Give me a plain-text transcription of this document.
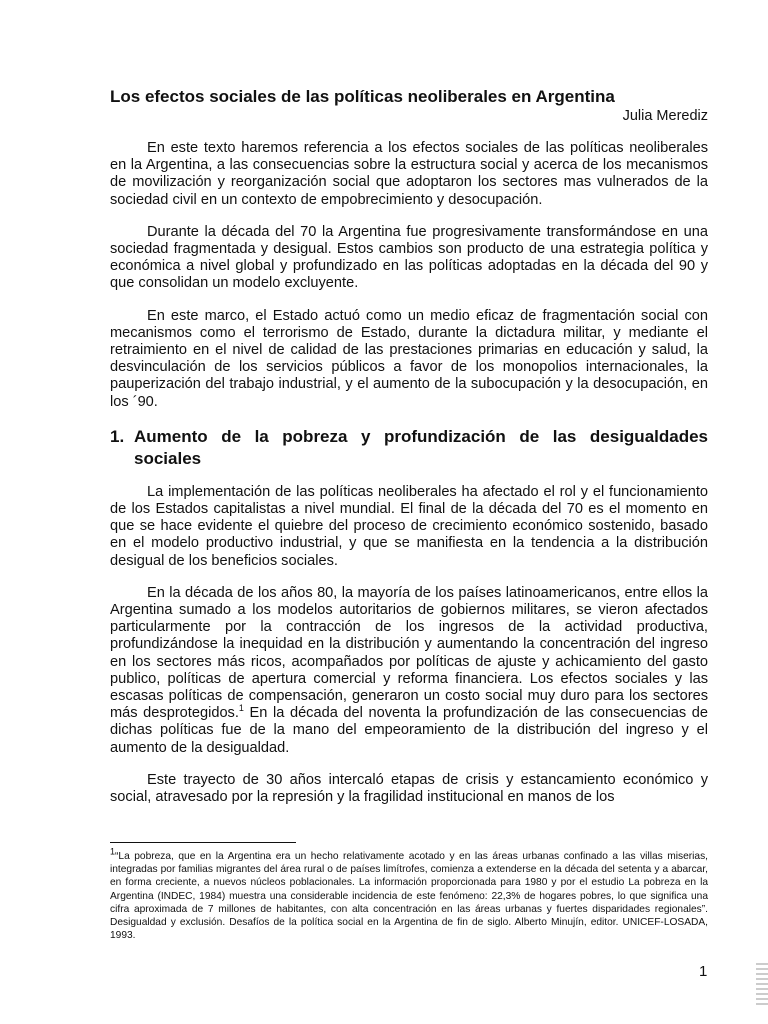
Los efectos sociales de las políticas neoliberales en Argentina

Julia Merediz

En este texto haremos referencia a los efectos sociales de las políticas neoliberales en la Argentina, a las consecuencias sobre la estructura social y acerca de los mecanismos de movilización y reorganización social que adoptaron los sectores mas vulnerados de la sociedad civil en un contexto de empobrecimiento y desocupación.

Durante la década del 70 la Argentina fue progresivamente transformándose en una sociedad fragmentada y desigual. Estos cambios son producto de una estrategia política y económica a nivel global y profundizado en las políticas adoptadas en la década del 90 y que consolidan un modelo excluyente.

En este marco, el Estado actuó como un medio eficaz de fragmentación social con mecanismos como el terrorismo de Estado, durante la dictadura militar, y mediante el retraimiento en el nivel de calidad de las prestaciones primarias en educación y salud, la desvinculación de los servicios públicos a favor de los monopolios internacionales, la pauperización del trabajo industrial, y el aumento de la subocupación y la desocupación, en los ´90.

1. Aumento de la pobreza y profundización de las desigualdades sociales

La implementación de las políticas neoliberales ha afectado el rol y el funcionamiento de los Estados capitalistas a nivel mundial. El final de la década del 70 es el momento en que se hace evidente el quiebre del proceso de crecimiento económico sostenido, basado en el modelo productivo industrial, y que se manifiesta en la tendencia a la distribución desigual de los beneficios sociales.

En la década de los años 80, la mayoría de los países latinoamericanos, entre ellos la Argentina sumado a los modelos autoritarios de gobiernos militares, se vieron afectados particularmente por la contracción de los ingresos de la actividad productiva, profundizándose la inequidad en la distribución y aumentando la concentración del ingreso en los sectores más ricos, acompañados por políticas de ajuste y achicamiento del gasto publico, políticas de apertura comercial y reforma financiera. Los efectos sociales y las escasas políticas de compensación, generaron un costo social muy duro para los sectores más desprotegidos.$^1$ En la década del noventa la profundización de las consecuencias de dichas políticas fue de la mano del empeoramiento de la distribución del ingreso y el aumento de la desigualdad.

Este trayecto de 30 años intercaló etapas de crisis y estancamiento económico y social, atravesado por la represión y la fragilidad institucional en manos de los

$^1$“La pobreza, que en la Argentina era un hecho relativamente acotado y en las áreas urbanas confinado a las villas miserias, integradas por familias migrantes del área rural o de países limítrofes, comienza a extenderse en la década del setenta y a abarcar, en forma creciente, a nuevos núcleos poblacionales. La información proporcionada para 1980 y por el estudio La pobreza en la Argentina (INDEC, 1984) muestra una considerable incidencia de este fenómeno: 22,3% de hogares pobres, lo que significa una cifra aproximada de 7 millones de habitantes, con alta concentración en las áreas urbanas y fuertes disparidades regionales”. Desigualdad y exclusión. Desafíos de la política social en la Argentina de fin de siglo. Alberto Minujín, editor. UNICEF-LOSADA, 1993.

1
